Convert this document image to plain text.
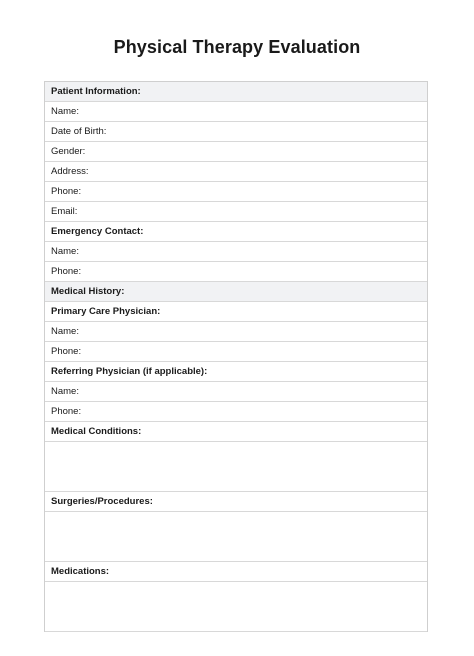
Physical Therapy Evaluation
Patient Information:
Name:
Date of Birth:
Gender:
Address:
Phone:
Email:
Emergency Contact:
Name:
Phone:
Medical History:
Primary Care Physician:
Name:
Phone:
Referring Physician (if applicable):
Name:
Phone:
Medical Conditions:
Surgeries/Procedures:
Medications:
